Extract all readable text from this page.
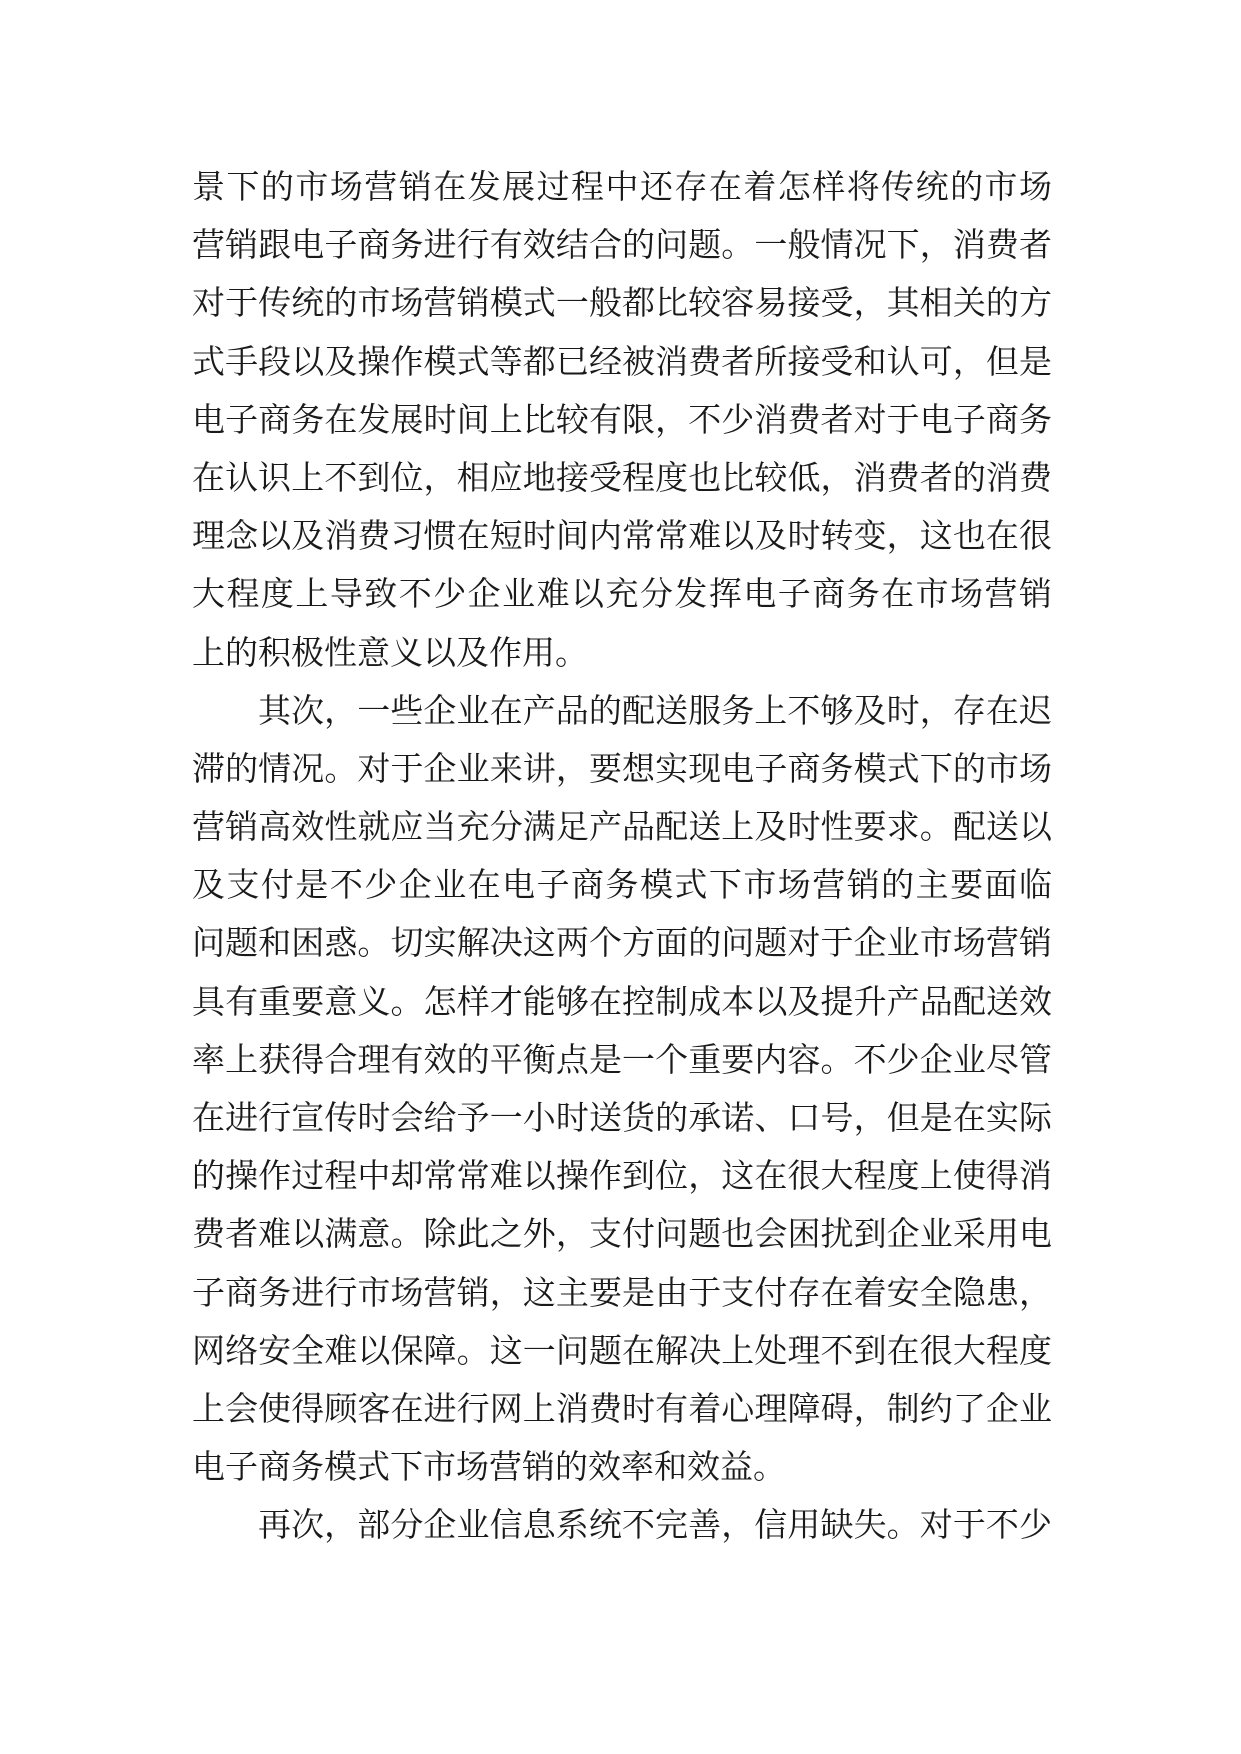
景下的市场营销在发展过程中还存在着怎样将传统的市场
营销跟电子商务进行有效结合的问题。一般情况下，消费者
对于传统的市场营销模式一般都比较容易接受，其相关的方
式手段以及操作模式等都已经被消费者所接受和认可，但是
电子商务在发展时间上比较有限，不少消费者对于电子商务
在认识上不到位，相应地接受程度也比较低，消费者的消费
理念以及消费习惯在短时间内常常难以及时转变，这也在很
大程度上导致不少企业难以充分发挥电子商务在市场营销
上的积极性意义以及作用。
其次，一些企业在产品的配送服务上不够及时，存在迟
滞的情况。对于企业来讲，要想实现电子商务模式下的市场
营销高效性就应当充分满足产品配送上及时性要求。配送以
及支付是不少企业在电子商务模式下市场营销的主要面临
问题和困惑。切实解决这两个方面的问题对于企业市场营销
具有重要意义。怎样才能够在控制成本以及提升产品配送效
率上获得合理有效的平衡点是一个重要内容。不少企业尽管
在进行宣传时会给予一小时送货的承诺、口号，但是在实际
的操作过程中却常常难以操作到位，这在很大程度上使得消
费者难以满意。除此之外，支付问题也会困扰到企业采用电
子商务进行市场营销，这主要是由于支付存在着安全隐患，
网络安全难以保障。这一问题在解决上处理不到在很大程度
上会使得顾客在进行网上消费时有着心理障碍，制约了企业
电子商务模式下市场营销的效率和效益。
再次，部分企业信息系统不完善，信用缺失。对于不少
